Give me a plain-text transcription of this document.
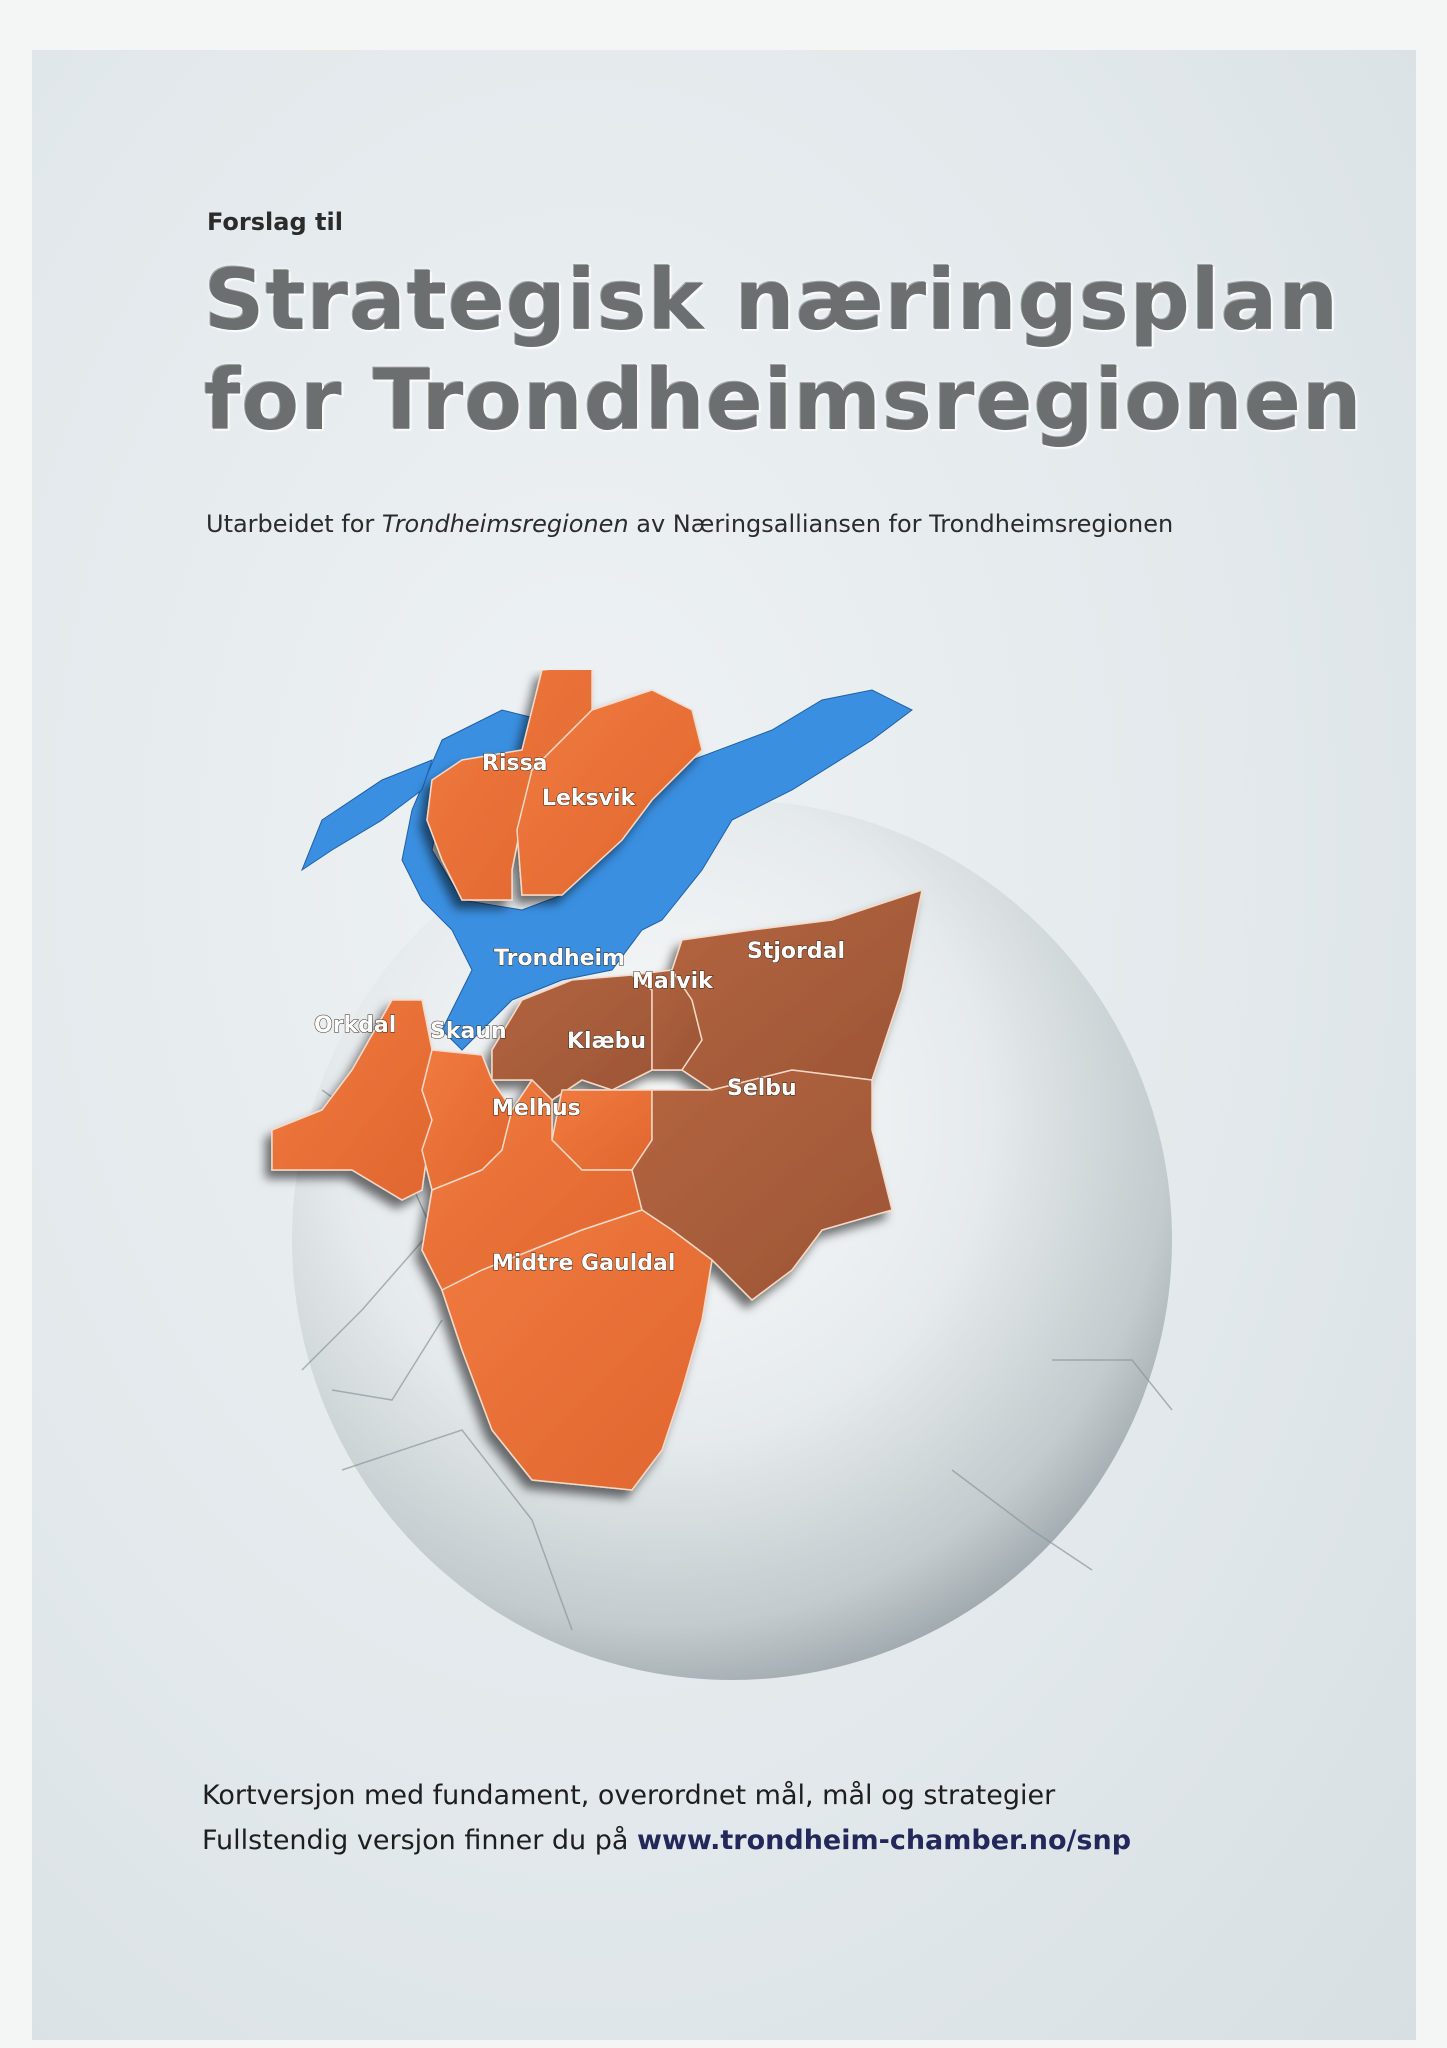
Forslag til
Strategisk næringsplan
for Trondheimsregionen
Utarbeidet for Trondheimsregionen av Næringsalliansen for Trondheimsregionen
Rissa
Leksvik
Trondheim
Malvik
Stjordal
Orkdal Skaun	Klæbu
Melhus
Selbu
Midtre Gauldal
Kortversjon med fundament, overordnet mål, mål og strategier
Fullstendig versjon finner du på www.trondheim-chamber.no/snp
